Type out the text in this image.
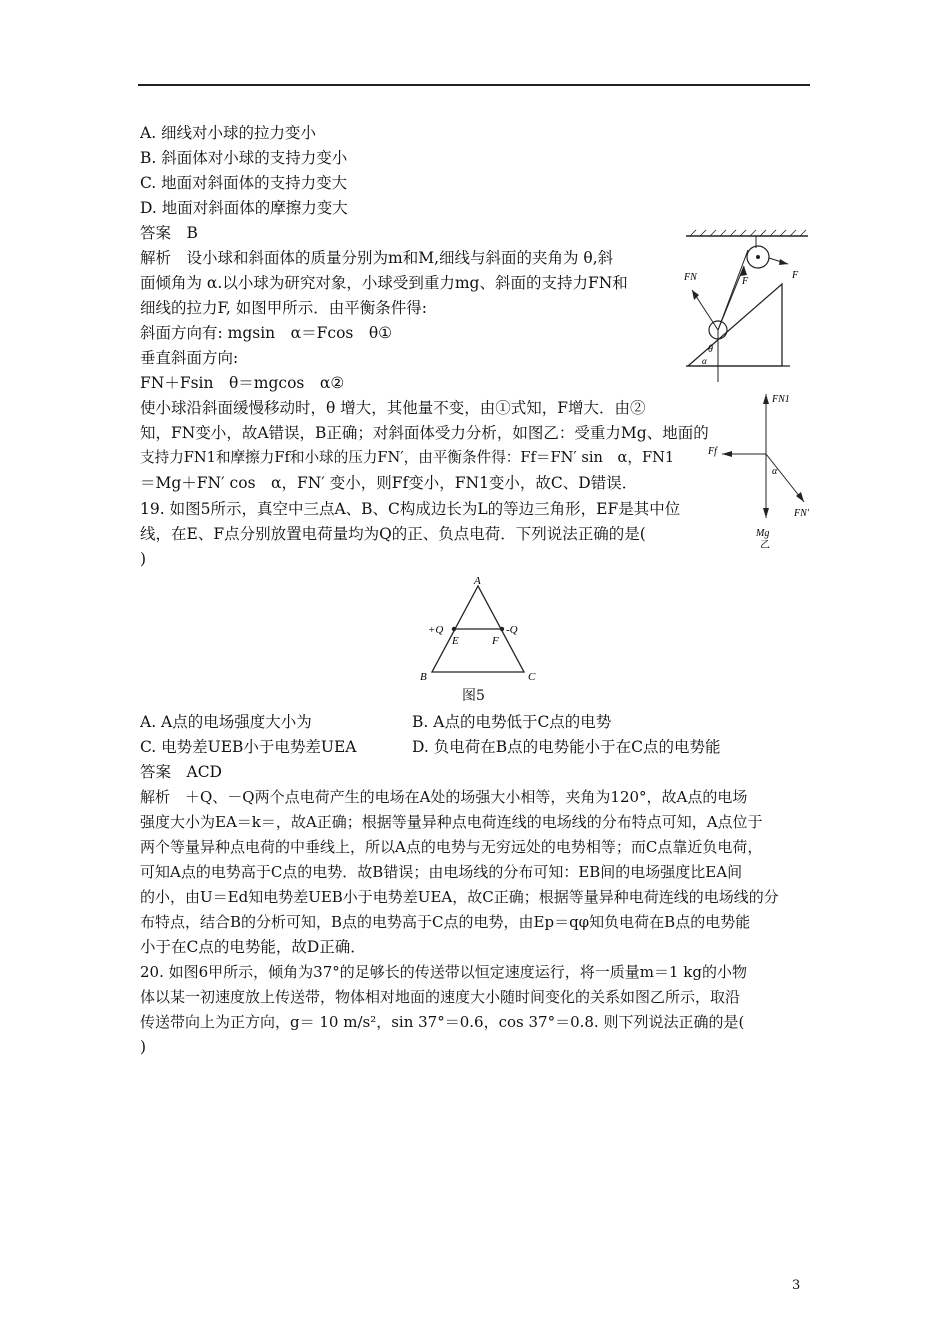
A. 细线对小球的拉力变小
B. 斜面体对小球的支持力变小
C. 地面对斜面体的支持力变大
D. 地面对斜面体的摩擦力变大
答案　B
解析　设小球和斜面体的质量分别为m和M,细线与斜面的夹角为 θ,斜
面倾角为 α.以小球为研究对象，小球受到重力mg、斜面的支持力FN和
细线的拉力F, 如图甲所示．由平衡条件得:
斜面方向有: mgsin　α＝Fcos　θ①
垂直斜面方向:
FN＋Fsin　θ＝mgcos　α②
使小球沿斜面缓慢移动时，θ 增大，其他量不变，由①式知，F增大．由②
知，FN变小，故A错误，B正确；对斜面体受力分析，如图乙：受重力Mg、地面的
支持力FN1和摩擦力Ff和小球的压力FN′，由平衡条件得：Ff＝FN′ sin　α，FN1
＝Mg＋FN′ cos　α，FN′ 变小，则Ff变小，FN1变小，故C、D错误．
19. 如图5所示，真空中三点A、B、C构成边长为L的等边三角形，EF是其中位
线，在E、F点分别放置电荷量均为Q的正、负点电荷．下列说法正确的是(
)
FN	F
F
θ
α
FN1
Ff
α
FN′
Mg
乙
A
B	C
E	F
+Q	-Q
图5
A. A点的电场强度大小为	B. A点的电势低于C点的电势
C. 电势差UEB小于电势差UEA	D. 负电荷在B点的电势能小于在C点的电势能
答案　ACD
解析　＋Q、－Q两个点电荷产生的电场在A处的场强大小相等，夹角为120°，故A点的电场
强度大小为EA＝k＝，故A正确；根据等量异种点电荷连线的电场线的分布特点可知，A点位于
两个等量异种点电荷的中垂线上，所以A点的电势与无穷远处的电势相等；而C点靠近负电荷，
可知A点的电势高于C点的电势．故B错误；由电场线的分布可知：EB间的电场强度比EA间
的小，由U＝Ed知电势差UEB小于电势差UEA，故C正确；根据等量异种电荷连线的电场线的分
布特点，结合B的分析可知，B点的电势高于C点的电势，由Ep＝qφ知负电荷在B点的电势能
小于在C点的电势能，故D正确．
20. 如图6甲所示，倾角为37°的足够长的传送带以恒定速度运行，将一质量m＝1 kg的小物
体以某一初速度放上传送带，物体相对地面的速度大小随时间变化的关系如图乙所示，取沿
传送带向上为正方向，g＝ 10 m/s²，sin 37°＝0.6，cos 37°＝0.8. 则下列说法正确的是(
)
3
